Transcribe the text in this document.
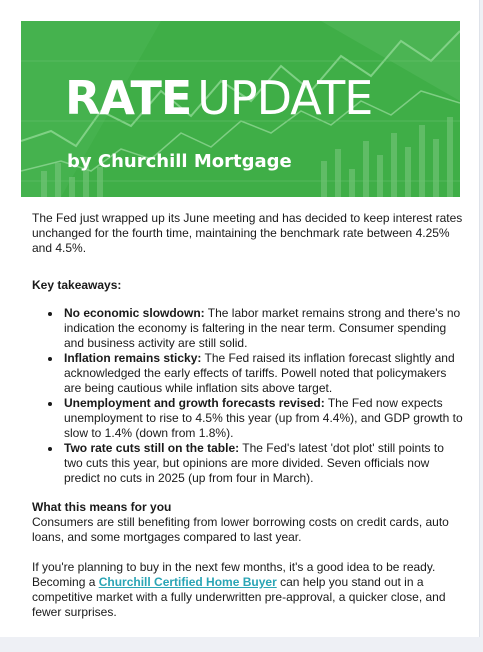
RATE UPDATE
by Churchill Mortgage

The Fed just wrapped up its June meeting and has decided to keep interest rates unchanged for the fourth time, maintaining the benchmark rate between 4.25% and 4.5%.

Key takeaways:

• No economic slowdown: The labor market remains strong and there's no indication the economy is faltering in the near term. Consumer spending and business activity are still solid.
• Inflation remains sticky: The Fed raised its inflation forecast slightly and acknowledged the early effects of tariffs. Powell noted that policymakers are being cautious while inflation sits above target.
• Unemployment and growth forecasts revised: The Fed now expects unemployment to rise to 4.5% this year (up from 4.4%), and GDP growth to slow to 1.4% (down from 1.8%).
• Two rate cuts still on the table: The Fed's latest 'dot plot' still points to two cuts this year, but opinions are more divided. Seven officials now predict no cuts in 2025 (up from four in March).

What this means for you

Consumers are still benefiting from lower borrowing costs on credit cards, auto loans, and some mortgages compared to last year.

If you're planning to buy in the next few months, it's a good idea to be ready. Becoming a Churchill Certified Home Buyer can help you stand out in a competitive market with a fully underwritten pre-approval, a quicker close, and fewer surprises.
